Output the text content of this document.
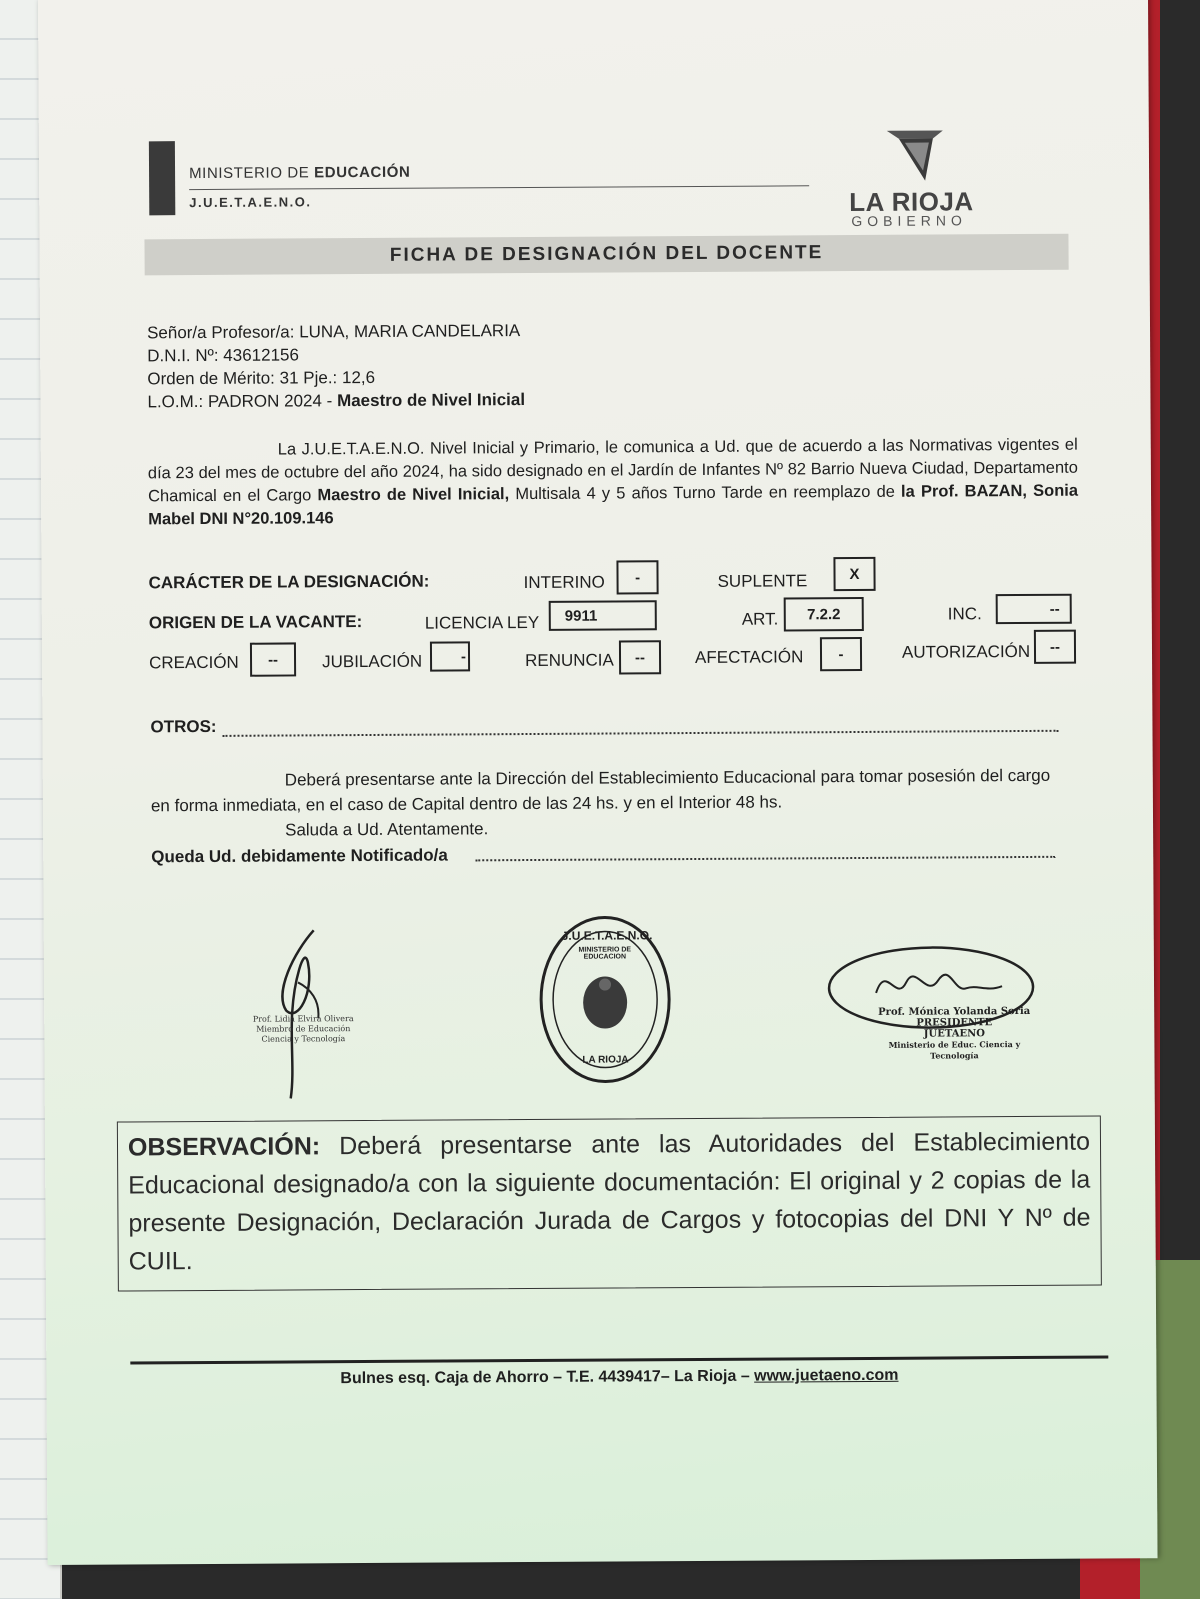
MINISTERIO DE EDUCACIÓN
J.U.E.T.A.E.N.O.	LA RIOJA
GOBIERNO
FICHA DE DESIGNACIÓN DEL DOCENTE
Señor/a Profesor/a: LUNA, MARIA CANDELARIA
D.N.I. Nº: 43612156
Orden de Mérito: 31 Pje.: 12,6
L.O.M.: PADRON 2024 - Maestro de Nivel Inicial
La J.U.E.T.A.E.N.O. Nivel Inicial y Primario, le comunica a Ud. que de acuerdo a las Normativas vigentes el día 23 del mes de octubre del año 2024, ha sido designado en el Jardín de Infantes Nº 82 Barrio Nueva Ciudad, Departamento Chamical en el Cargo Maestro de Nivel Inicial, Multisala 4 y 5 años Turno Tarde en reemplazo de la Prof. BAZAN, Sonia Mabel DNI N°20.109.146
CARÁCTER DE LA DESIGNACIÓN:	INTERINO	-	SUPLENTE	X
ORIGEN DE LA VACANTE:	LICENCIA LEY	9911	ART.	7.2.2	INC.	--
CREACIÓN	--	JUBILACIÓN	-	RENUNCIA	--	AFECTACIÓN	-	AUTORIZACIÓN	--
OTROS:
Deberá presentarse ante la Dirección del Establecimiento Educacional para tomar posesión del cargo
en forma inmediata, en el caso de Capital dentro de las 24 hs. y en el Interior 48 hs.
Saluda a Ud. Atentamente.
Queda Ud. debidamente Notificado/a
Prof. Lidia Elvira Olivera
Miembro de Educación Ciencia y Tecnología
J.U.E.T.A.E.N.O.
MINISTERIO DE EDUCACION
LA RIOJA
Prof. Mónica Yolanda Soria
PRESIDENTE
JUETAENO
Ministerio de Educ. Ciencia y Tecnología
OBSERVACIÓN: Deberá presentarse ante las Autoridades del Establecimiento Educacional designado/a con la siguiente documentación: El original y 2 copias de la presente Designación, Declaración Jurada de Cargos y fotocopias del DNI Y Nº de CUIL.
Bulnes esq. Caja de Ahorro – T.E. 4439417– La Rioja – www.juetaeno.com
